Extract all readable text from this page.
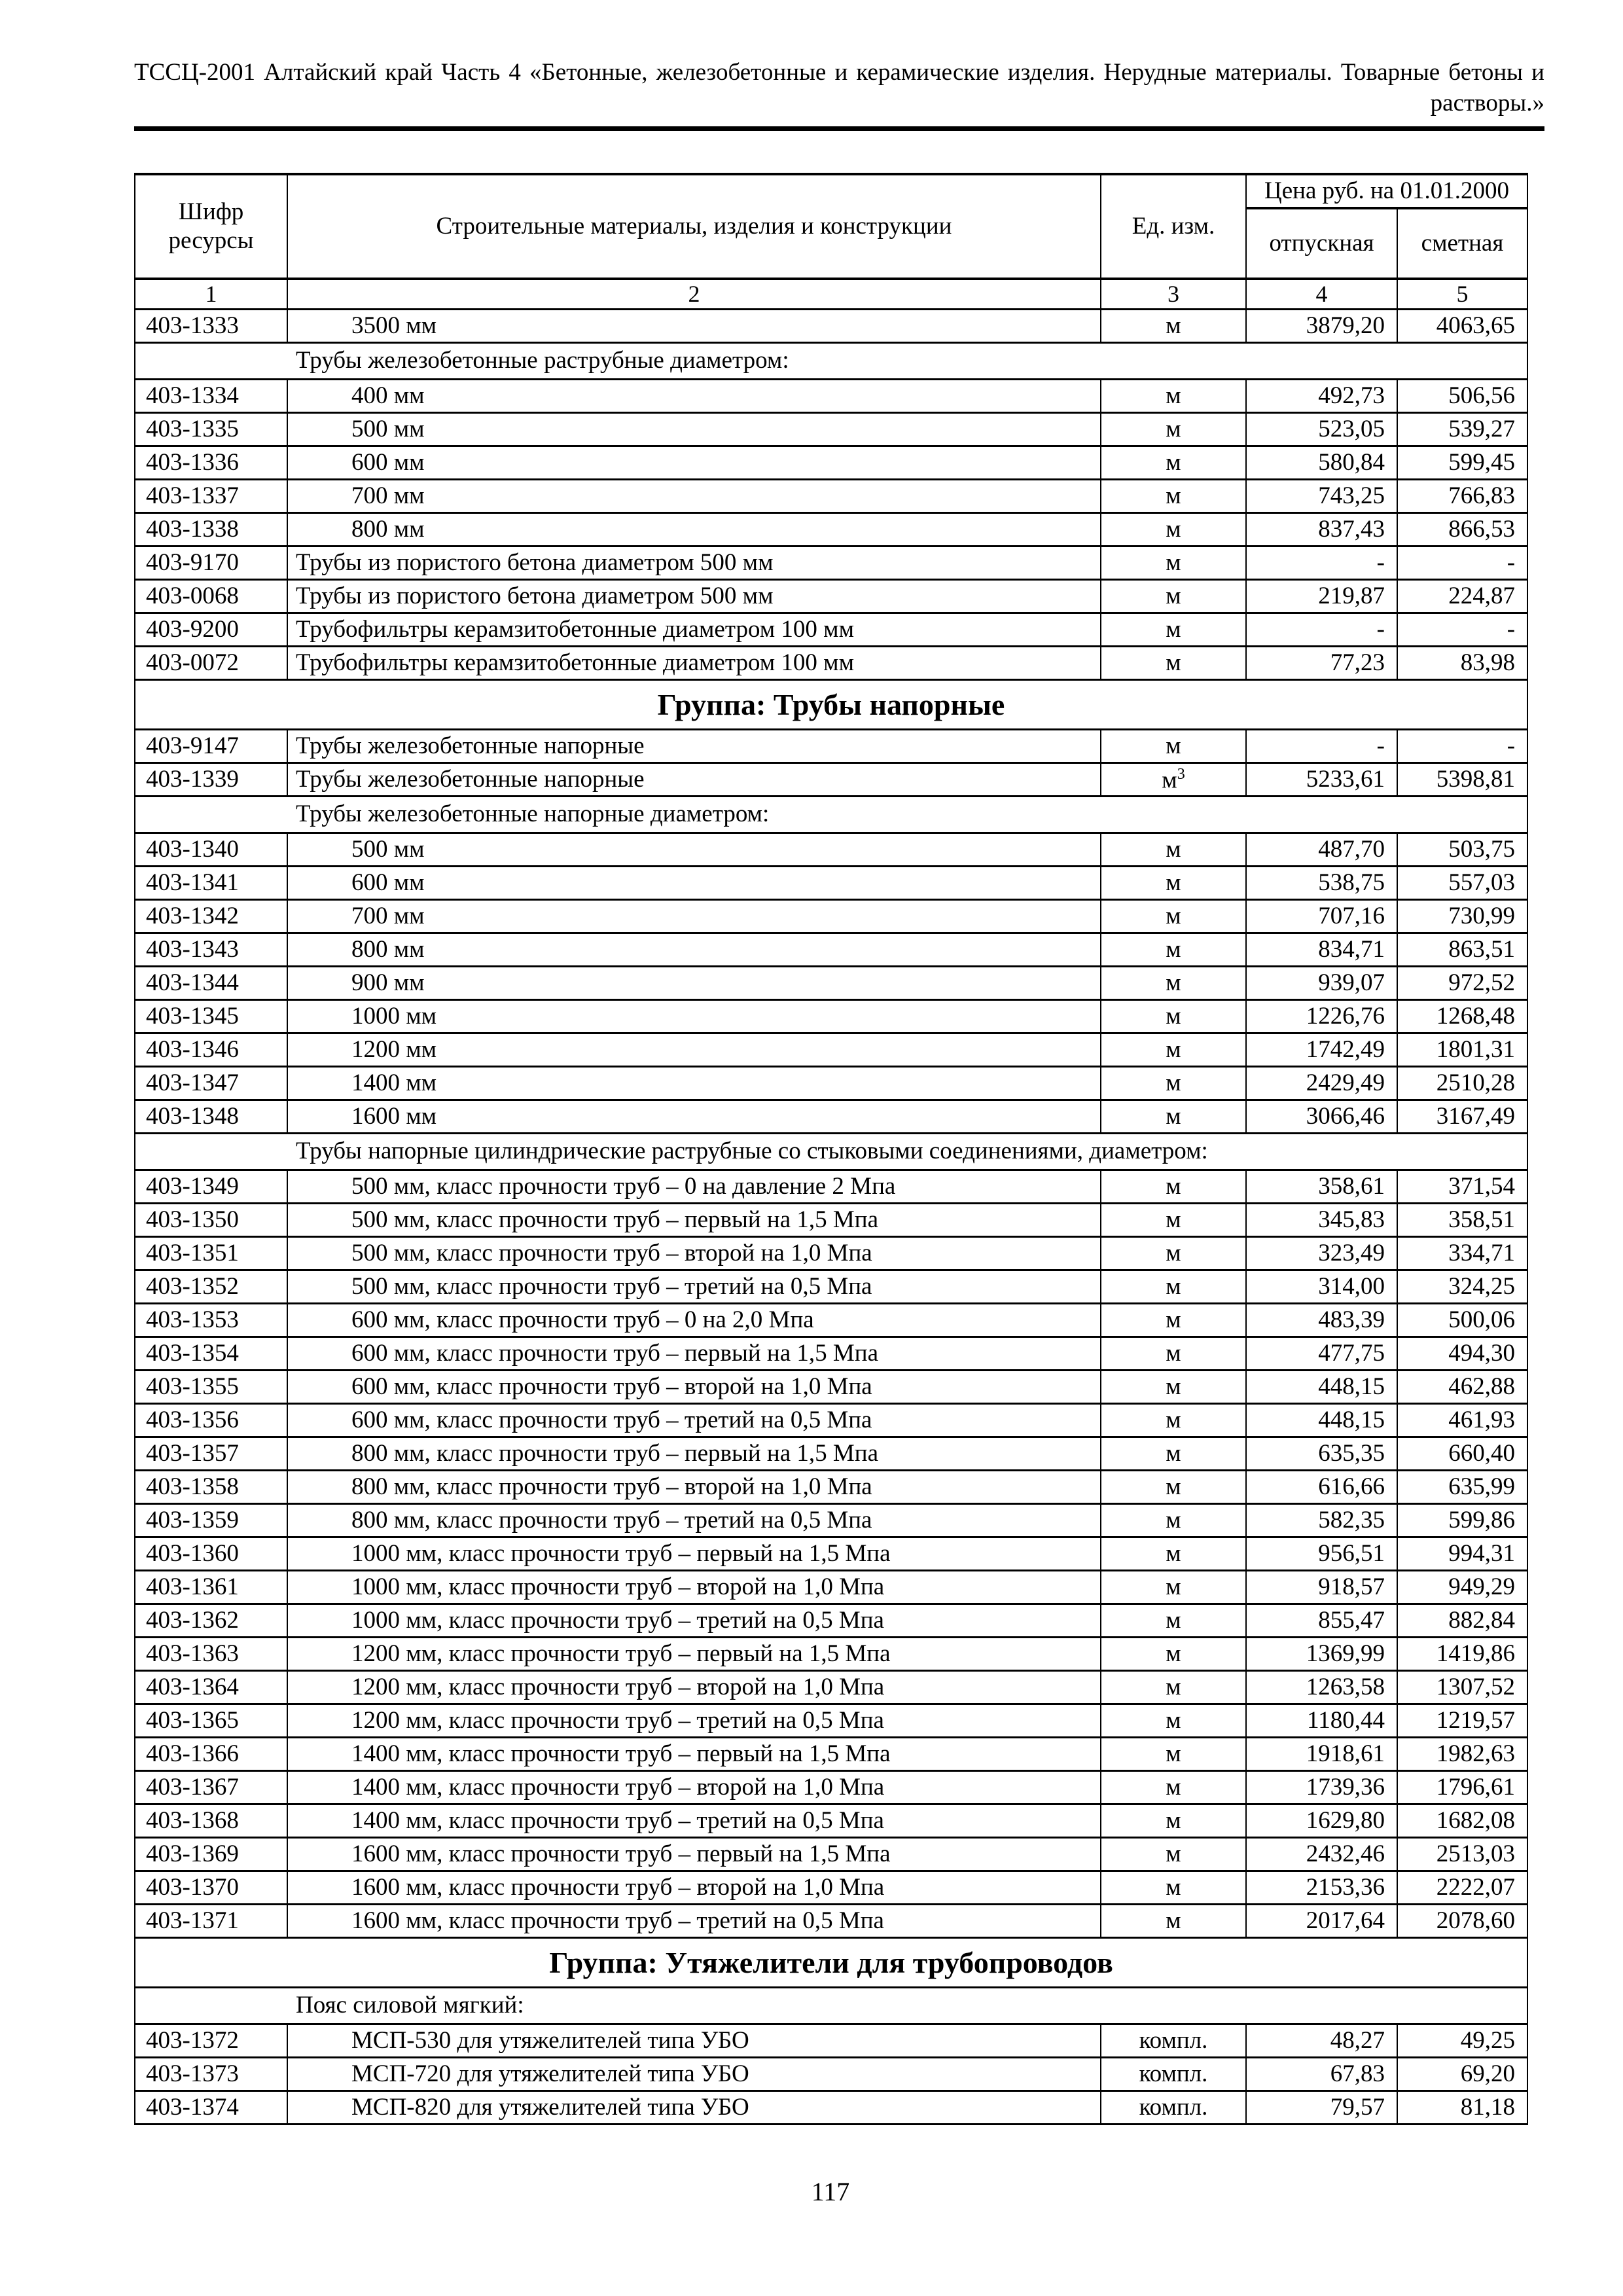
ТССЦ-2001 Алтайский край Часть 4 «Бетонные, железобетонные и керамические изделия. Нерудные материалы. Товарные бетоны и
растворы.»
Шифр ресурсы	Строительные материалы, изделия и конструкции	Ед. изм.	Цена руб. на 01.01.2000	
			отпускная	сметная
1	2	3	4	5
403-1333	3500 мм	м	3879,20	4063,65
Трубы железобетонные раструбные диаметром:				
403-1334	400 мм	м	492,73	506,56
403-1335	500 мм	м	523,05	539,27
403-1336	600 мм	м	580,84	599,45
403-1337	700 мм	м	743,25	766,83
403-1338	800 мм	м	837,43	866,53
403-9170	Трубы из пористого бетона диаметром 500 мм	м	-	-
403-0068	Трубы из пористого бетона диаметром 500 мм	м	219,87	224,87
403-9200	Трубофильтры керамзитобетонные диаметром 100 мм	м	-	-
403-0072	Трубофильтры керамзитобетонные диаметром 100 мм	м	77,23	83,98
Группа: Трубы напорные				
403-9147	Трубы железобетонные напорные	м	-	-
403-1339	Трубы железобетонные напорные	$м^3$	5233,61	5398,81
Трубы железобетонные напорные диаметром:				
403-1340	500 мм	м	487,70	503,75
403-1341	600 мм	м	538,75	557,03
403-1342	700 мм	м	707,16	730,99
403-1343	800 мм	м	834,71	863,51
403-1344	900 мм	м	939,07	972,52
403-1345	1000 мм	м	1226,76	1268,48
403-1346	1200 мм	м	1742,49	1801,31
403-1347	1400 мм	м	2429,49	2510,28
403-1348	1600 мм	м	3066,46	3167,49
Трубы напорные цилиндрические раструбные со стыковыми соединениями, диаметром:				
403-1349	500 мм, класс прочности труб – 0 на давление 2 Мпа	м	358,61	371,54
403-1350	500 мм, класс прочности труб – первый на 1,5 Мпа	м	345,83	358,51
403-1351	500 мм, класс прочности труб – второй на 1,0 Мпа	м	323,49	334,71
403-1352	500 мм, класс прочности труб – третий на 0,5 Мпа	м	314,00	324,25
403-1353	600 мм, класс прочности труб – 0 на 2,0 Мпа	м	483,39	500,06
403-1354	600 мм, класс прочности труб – первый на 1,5 Мпа	м	477,75	494,30
403-1355	600 мм, класс прочности труб – второй на 1,0 Мпа	м	448,15	462,88
403-1356	600 мм, класс прочности труб – третий на 0,5 Мпа	м	448,15	461,93
403-1357	800 мм, класс прочности труб – первый на 1,5 Мпа	м	635,35	660,40
403-1358	800 мм, класс прочности труб – второй на 1,0 Мпа	м	616,66	635,99
403-1359	800 мм, класс прочности труб – третий на 0,5 Мпа	м	582,35	599,86
403-1360	1000 мм, класс прочности труб – первый на 1,5 Мпа	м	956,51	994,31
403-1361	1000 мм, класс прочности труб – второй на 1,0 Мпа	м	918,57	949,29
403-1362	1000 мм, класс прочности труб – третий на 0,5 Мпа	м	855,47	882,84
403-1363	1200 мм, класс прочности труб – первый на 1,5 Мпа	м	1369,99	1419,86
403-1364	1200 мм, класс прочности труб – второй на 1,0 Мпа	м	1263,58	1307,52
403-1365	1200 мм, класс прочности труб – третий на 0,5 Мпа	м	1180,44	1219,57
403-1366	1400 мм, класс прочности труб – первый на 1,5 Мпа	м	1918,61	1982,63
403-1367	1400 мм, класс прочности труб – второй на 1,0 Мпа	м	1739,36	1796,61
403-1368	1400 мм, класс прочности труб – третий на 0,5 Мпа	м	1629,80	1682,08
403-1369	1600 мм, класс прочности труб – первый на 1,5 Мпа	м	2432,46	2513,03
403-1370	1600 мм, класс прочности труб – второй на 1,0 Мпа	м	2153,36	2222,07
403-1371	1600 мм, класс прочности труб – третий на 0,5 Мпа	м	2017,64	2078,60
Группа: Утяжелители для трубопроводов				
Пояс силовой мягкий:				
403-1372	МСП-530 для утяжелителей типа УБО	компл.	48,27	49,25
403-1373	МСП-720 для утяжелителей типа УБО	компл.	67,83	69,20
403-1374	МСП-820 для утяжелителей типа УБО	компл.	79,57	81,18
117
